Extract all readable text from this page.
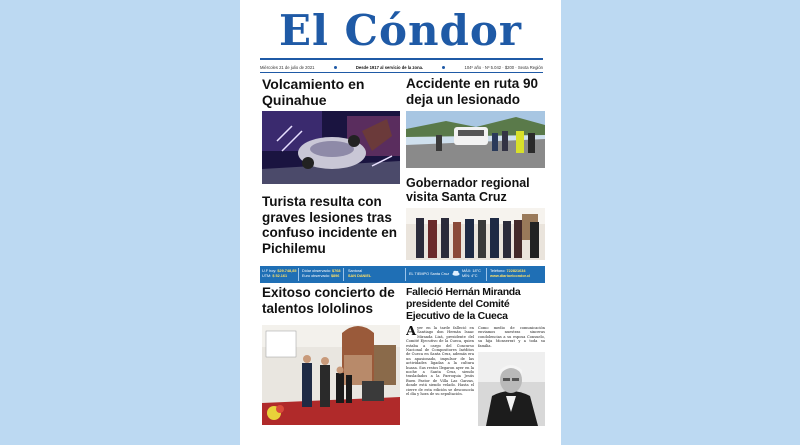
El Cóndor
Miércoles 21 de julio de 2021	Desde 1917 al servicio de la zona.	104º año · Nº 5.042 · $200 · Sexta Región
Volcamiento en Quinahue
Accidente en ruta 90 deja un lesionado
Gobernador regional visita Santa Cruz
Turista resulta con graves lesiones tras confuso incidente en Pichilemu
U.F hoy: $29.748,85
UTM: $ 52.161
Dólar observado: $768
Euro observado: $896
Santoral
SAN DANIEL
EL TIEMPO Santa Cruz
MÁX: 18°C
MÍN: 4°C
Teléfono: 722821634
www.diarioelcondor.cl
Exitoso concierto de talentos lololinos
Falleció Hernán Miranda presidente del Comité Ejecutivo de la Cueca
Ayer en la tarde falleció en Santiago don Hernán Isaac Miranda Lizá, presidente del Comité Ejecutivo de la Cueca, quien estaba a cargo del Concurso Nacional de Compositores Inéditos de Cueca en Santa Cruz, además era un apasionado, impulsor de las actividades ligadas a la cultura huasa. Sus restos llegaron ayer en la noche a Santa Cruz, siendo trasladados a la Parroquia Jesús Buen Pastor de Villa Las Garzas, donde está siendo velado. Hasta el cierre de esta edición se desconocía el día y hora de su sepultación.
Como medio de comunicación enviamos nuestras sinceras condolencias a su esposa Consuelo, su hija Monserrat y a toda su familia.
